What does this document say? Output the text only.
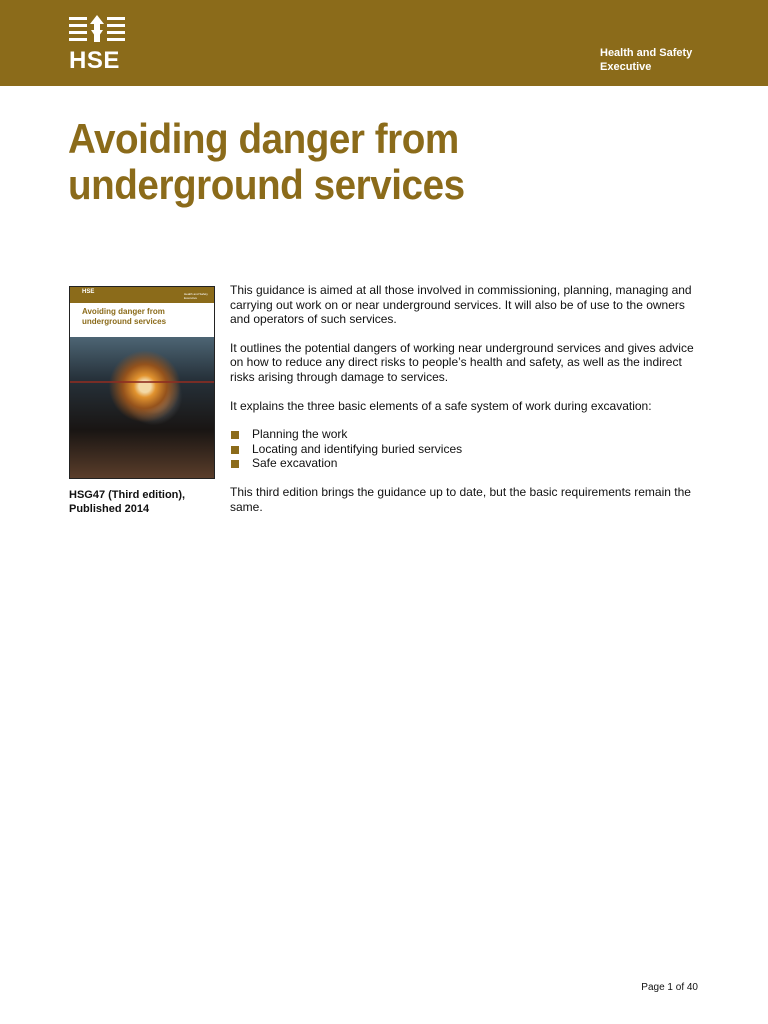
HSE	Health and Safety
Executive
Avoiding danger from
underground services
HSE	Health and Safety Executive
Avoiding danger from
underground services
HSG47 (Third edition),
Published 2014

This guidance is aimed at all those involved in commissioning, planning, managing and carrying out work on or near underground services. It will also be of use to the owners and operators of such services.

It outlines the potential dangers of working near underground services and gives advice on how to reduce any direct risks to people’s health and safety, as well as the indirect risks arising through damage to services.

It explains the three basic elements of a safe system of work during excavation:

Planning the work
Locating and identifying buried services
Safe excavation

This third edition brings the guidance up to date, but the basic requirements remain the same.

Page 1 of 40
